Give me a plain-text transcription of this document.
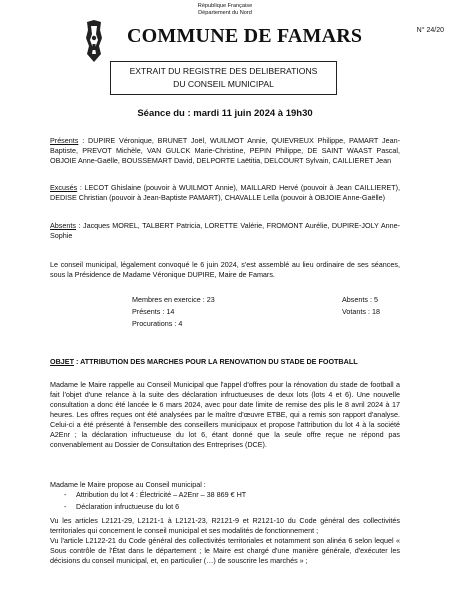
République Française
Département du Nord
COMMUNE DE FAMARS	N° 24/20
EXTRAIT DU REGISTRE DES DELIBERATIONS
DU CONSEIL MUNICIPAL
Séance du : mardi 11 juin 2024 à 19h30
Présents : DUPIRE Véronique, BRUNET Joël, WUILMOT Annie, QUIEVREUX Philippe, PAMART Jean-Baptiste, PREVOT Michèle, VAN GULCK Marie-Christine, PEPIN Philippe, DE SAINT WAAST Pascal, OBJOIE Anne-Gaëlle, BOUSSEMART David, DELPORTE Laëtitia, DELCOURT Sylvain, CAILLIERET Jean
Excusés : LECOT Ghislaine (pouvoir à WUILMOT Annie), MAILLARD Hervé (pouvoir à Jean CAILLIERET), DEDISE Christian (pouvoir à Jean-Baptiste PAMART), CHAVALLE Leïla (pouvoir à OBJOIE Anne-Gaëlle)
Absents : Jacques MOREL, TALBERT Patricia, LORETTE Valérie, FROMONT Aurélie, DUPIRE-JOLY Anne-Sophie
Le conseil municipal, légalement convoqué le 6 juin 2024, s'est assemblé au lieu ordinaire de ses séances, sous la Présidence de Madame Véronique DUPIRE, Maire de Famars.
Membres en exercice : 23
Présents : 14
Procurations : 4
Absents : 5
Votants : 18
OBJET : ATTRIBUTION DES MARCHES POUR LA RENOVATION DU STADE DE FOOTBALL
Madame le Maire rappelle au Conseil Municipal que l'appel d'offres pour la rénovation du stade de football a fait l'objet d'une relance à la suite des déclaration infructueuses de deux lots (lots 4 et 6). Une nouvelle consultation a donc été lancée le 6 mars 2024, avec pour date limite de remise des plis le 8 avril 2024 à 17 heures. Les offres reçues ont été analysées par le maître d'œuvre ETBE, qui a remis son rapport d'analyse. Celui-ci a été présenté à l'ensemble des conseillers municipaux et propose l'attribution du lot 4 à la société A2Enr ; la déclaration infructueuse du lot 6, étant donné que la seule offre reçue ne répond pas convenablement au Dossier de Consultation des Entreprises (DCE).
Madame le Maire propose au Conseil municipal :
- Attribution du lot 4 : Électricité – A2Enr – 38 869 € HT
- Déclaration infructueuse du lot 6
Vu les articles L2121-29, L2121-1 à L2121-23, R2121-9 et R2121-10 du Code général des collectivités territoriales qui concernent le conseil municipal et ses modalités de fonctionnement ;
Vu l'article L2122-21 du Code général des collectivités territoriales et notamment son alinéa 6 selon lequel « Sous contrôle de l'État dans le département ; le Maire est chargé d'une manière générale, d'exécuter les décisions du conseil municipal, et, en particulier (…) de souscrire les marchés » ;
